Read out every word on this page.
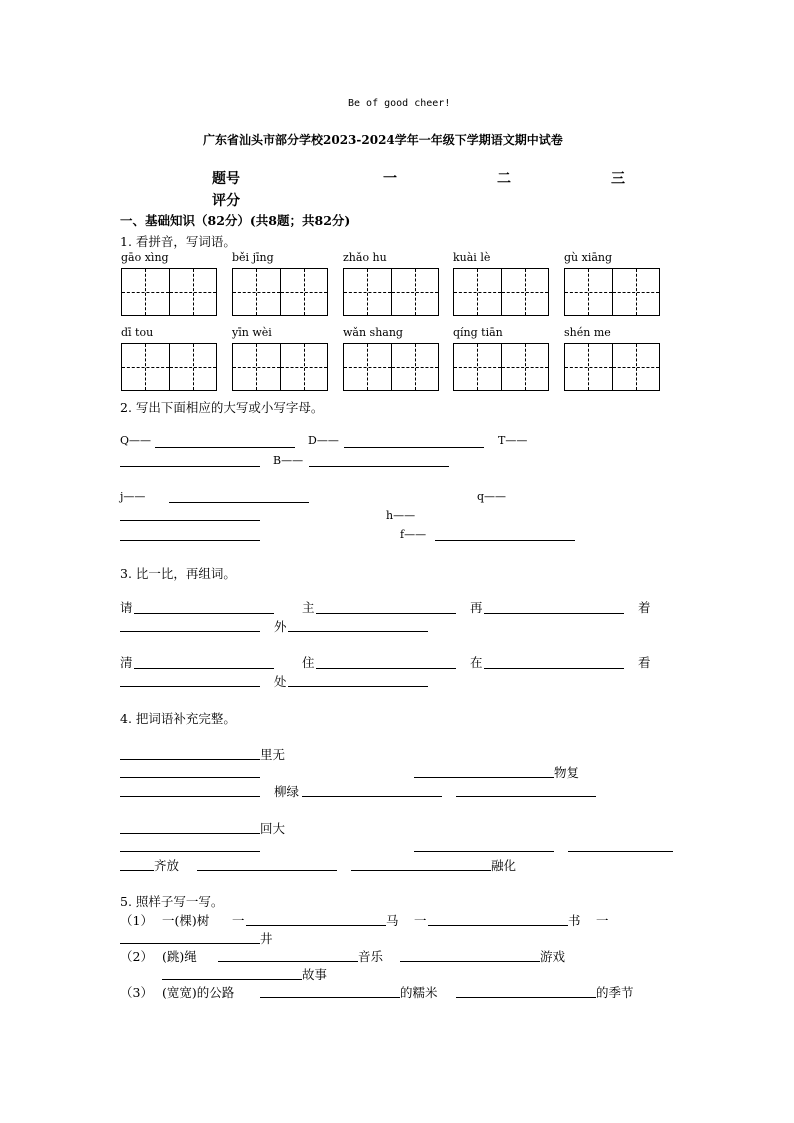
Be of good cheer!
广东省汕头市部分学校2023-2024学年一年级下学期语文期中试卷
题号	一	二	三
评分
一、基础知识（82分）(共8题；共82分)
1. 看拼音，写词语。
gāo xìng	běi jīng	zhǎo hu	kuài lè	gù xiāng
dī tou	yīn wèi	wǎn shang	qíng tiān	shén me
2. 写出下面相应的大写或小写字母。
Q——	D——	T——
B——
j——	q——
h——
f——
3. 比一比，再组词。
请	主	再	着
外
清	住	在	看
处
4. 把词语补充完整。
里无
物复
柳绿
回大
齐放	融化
5. 照样子写一写。
（1） 一(棵)树 一	马 一	书 一
井
（2） (跳)绳	音乐	游戏
故事
（3） (宽宽)的公路	的糯米	的季节
